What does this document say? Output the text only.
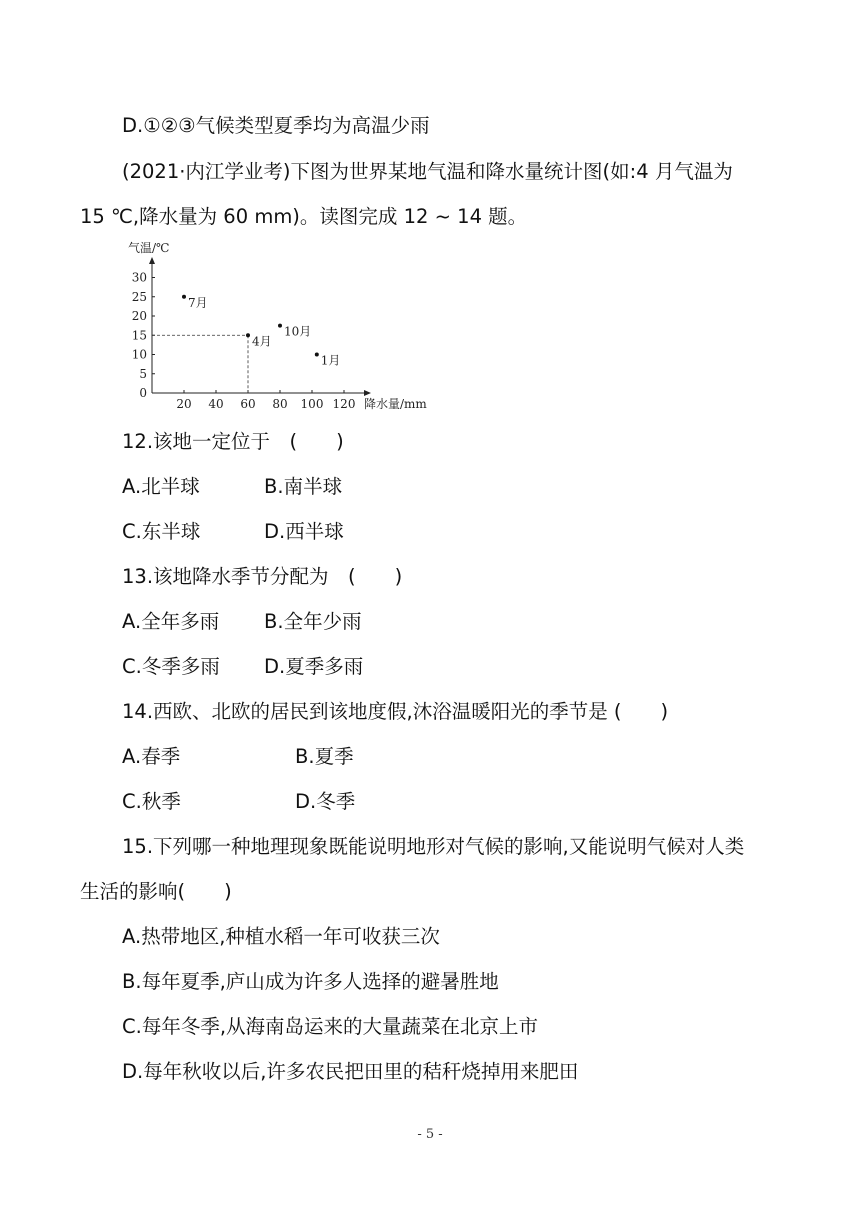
D.①②③气候类型夏季均为高温少雨
(2021·内江学业考)下图为世界某地气温和降水量统计图(如:4 月气温为
15 ℃,降水量为 60 mm)。读图完成 12 ~ 14 题。
气温/℃
降水量/mm
20 40 60 80 100 120
0
5
10
15
20
25
30
7月
4月
10月
1月
12.该地一定位于　(　　)
A.北半球	B.南半球
C.东半球	D.西半球
13.该地降水季节分配为　(　　)
A.全年多雨 B.全年少雨
C.冬季多雨 D.夏季多雨
14.西欧、北欧的居民到该地度假,沐浴温暖阳光的季节是 (　　)
A.春季	B.夏季
C.秋季	D.冬季
15.下列哪一种地理现象既能说明地形对气候的影响,又能说明气候对人类
生活的影响(　　)
A.热带地区,种植水稻一年可收获三次
B.每年夏季,庐山成为许多人选择的避暑胜地
C.每年冬季,从海南岛运来的大量蔬菜在北京上市
D.每年秋收以后,许多农民把田里的秸秆烧掉用来肥田
- 5 -
